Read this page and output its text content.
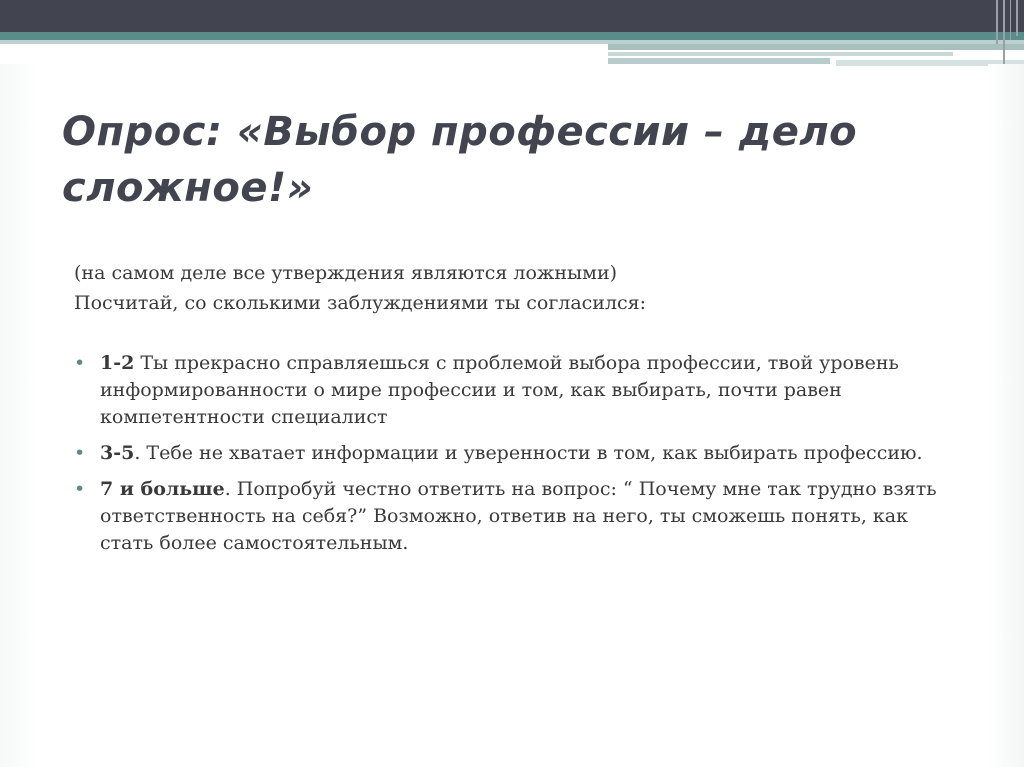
Опрос: «Выбор профессии – дело сложное!»

(на самом деле все утверждения являются ложными)

Посчитай, со сколькими заблуждениями ты согласился:

• 1-2 Ты прекрасно справляешься с проблемой выбора профессии, твой уровень информированности о мире профессии и том, как выбирать, почти равен компетентности специалист
• 3-5. Тебе не хватает информации и уверенности в том, как выбирать профессию.
• 7 и больше. Попробуй честно ответить на вопрос: “ Почему мне так трудно взять ответственность на себя?” Возможно, ответив на него, ты сможешь понять, как стать более самостоятельным.
